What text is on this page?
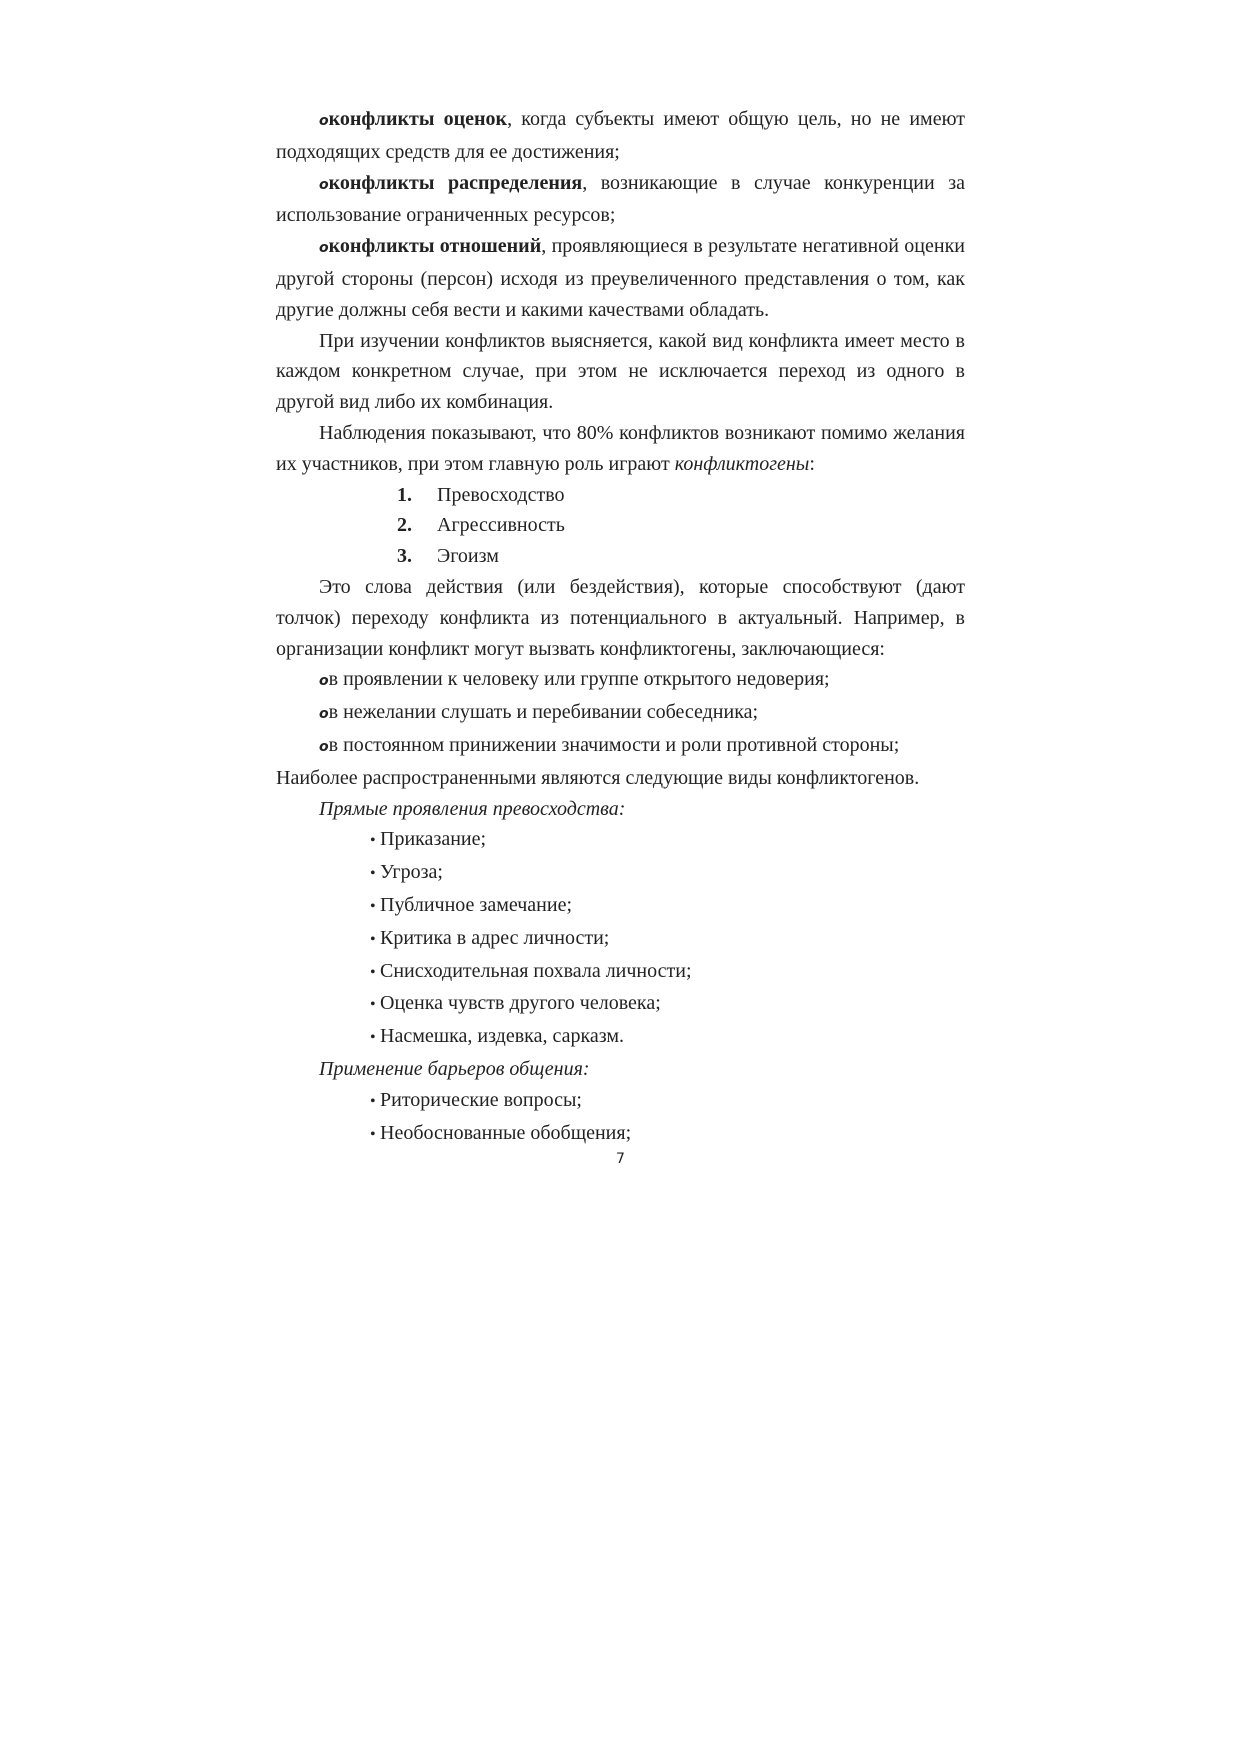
oконфликты оценок, когда субъекты имеют общую цель, но не имеют подходящих средств для ее достижения;

oконфликты распределения, возникающие в случае конкуренции за использование ограниченных ресурсов;

oконфликты отношений, проявляющиеся в результате негативной оценки другой стороны (персон) исходя из преувеличенного представления о том, как другие должны себя вести и какими качествами обладать.

При изучении конфликтов выясняется, какой вид конфликта имеет место в каждом конкретном случае, при этом не исключается переход из одного в другой вид либо их комбинация.

Наблюдения показывают, что 80% конфликтов возникают помимо желания их участников, при этом главную роль играют конфликтогены:

1. Превосходство
2. Агрессивность
3. Эгоизм

Это слова действия (или бездействия), которые способствуют (дают толчок) переходу конфликта из потенциального в актуальный. Например, в организации конфликт могут вызвать конфликтогены, заключающиеся:

oв проявлении к человеку или группе открытого недоверия;

oв нежелании слушать и перебивании собеседника;

oв постоянном принижении значимости и роли противной стороны;

Наиболее распространенными являются следующие виды конфликтогенов.

Прямые проявления превосходства:

• Приказание;
• Угроза;
• Публичное замечание;
• Критика в адрес личности;
• Снисходительная похвала личности;
• Оценка чувств другого человека;
• Насмешка, издевка, сарказм.

Применение барьеров общения:

• Риторические вопросы;
• Необоснованные обобщения;
7
